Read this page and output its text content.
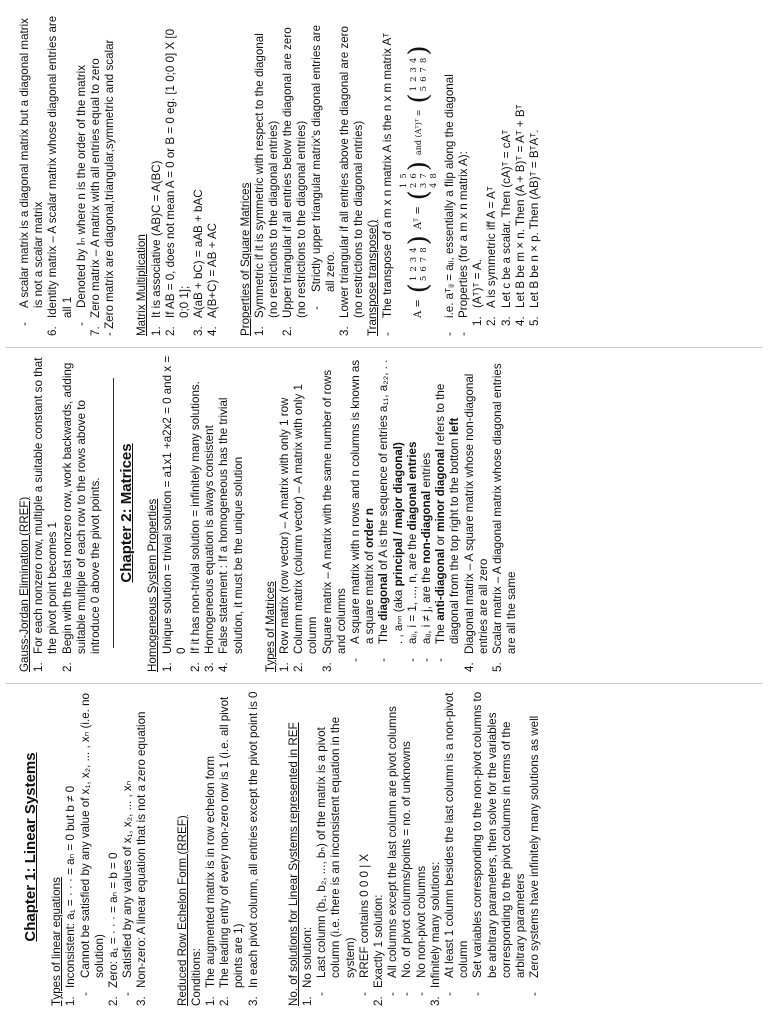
Chapter 1: Linear Systems Types of linear equations 1.
Inconsistent: a₁ = · · · = aₙ = 0 but b ≠ 0
-
Cannot be satisfied by any value of x₁, x₂, ... , xₙ (i.e. no solution)
2.
Zero: a₁ = · · · = aₙ = b = 0
-
Satisfied by any values of x₁, x₂, ... , xₙ
3.
Non-zero: A linear equation that is not a zero equation Reduced Row Echelon Form (RREF) Conditions: 1.
The augmented matrix is in row echelon form
2.
The leading entry of every non-zero row is 1 (i.e. all pivot points are 1)
3.
In each pivot column, all entries except the pivot point is 0 No. of solutions for Linear Systems represented in REF 1.
No solution:
-
Last column (b₁, b₂, ..., bₙ) of the matrix is a pivot column (i.e. there is an inconsistent equation in the system)
-
RREF contains 0 0 0 | X
2.
Exactly 1 solution:
-
All columns except the last column are pivot columns
-
No. of pivot columns/points = no. of unknowns
-
No non-pivot columns
3.
Infinitely many solutions:
-
At least 1 column besides the last column is a non-pivot column
-
Set variables corresponding to the non-pivot columns to be arbitrary parameters, then solve for the variables corresponding to the pivot columns in terms of the arbitrary parameters
-
Zero systems have infinitely many solutions as well
Gauss-Jordan Elimination (RREF) 1.
For each nonzero row, multiple a suitable constant so that the pivot point becomes 1
2.
Begin with the last nonzero row, work backwards, adding suitable multiple of each row to the rows above to introduce 0 above the pivot points. Chapter 2: Matrices Homogeneous System Properties 1.
Unique solution = trivial solution = a1x1 +a2x2 = 0 and x = 0
2.
If it has non-trivial solution = infinitely many solutions.
3.
Homogeneous equation is always consistent
4.
False statement : If a homogeneous has the trivial solution, it must be the unique solution Types of Matrices 1.
Row matrix (row vector) – A matrix with only 1 row
2.
Column matrix (column vector) – A matrix with only 1 column
3.
Square matrix – A matrix with the same number of rows and columns
-
A square matrix with n rows and n columns is known as a square matrix of order n
-
The diagonal of A is the sequence of entries a₁₁, a₂₂, . . . , aₙₙ (aka principal / major diagonal)
-
aᵢᵢ, i = 1, ..., n, are the diagonal entries
-
aᵢⱼ, i ≠ j, are the non-diagonal entries
-
The anti-diagonal or minor diagonal refers to the diagonal from the top right to the bottom left
4.
Diagonal matrix – A square matrix whose non-diagonal entries are all zero
5.
Scalar matrix – A diagonal matrix whose diagonal entries are all the same
-
A scalar matrix is a diagonal matrix but a diagonal matrix is not a scalar matrix
6.
Identity matrix – A scalar matrix whose diagonal entries are all 1
-
Denoted by Iₙ where n is the order of the matrix
7.
Zero matrix – A matrix with all entries equal to zero - Zero matrix are diagonal,triangular,symmetric and scalar Matrix Multiplication 1.
It is associative (AB)C = A(BC)
2.
If AB = 0, does not mean A = 0 or B = 0 eg. [1 0;0 0] X [0 0;0 1];
3.
A(aB + bC) = aAB + bAC
4.
A(B+C) = AB + AC Properties of Square Matrices 1.
Symmetric if it is symmetric with respect to the diagonal (no restrictions to the diagonal entries)
2.
Upper triangular if all entries below the diagonal are zero (no restrictions to the diagonal entries) -
Strictly upper triangular matrix's diagonal entries are all zero.
3.
Lower triangular if all entries above the diagonal are zero (no restrictions to the diagonal entries) Transpose transpose() -
The transpose of a m x n matrix A is the n x m matrix Aᵀ A =
(
1	2	3	4
5	6	7	8
)
Aᵀ =
(
1	5
2	6
3	7
4	8
)
and (Aᵀ)ᵀ =
(
1	2	3	4
5	6	7	8
)
-
i.e. aᵀᵢⱼ = aⱼᵢ, essentially a flip along the diagonal
-
Properties (for a m x n matrix A):
1.
(Aᵀ)ᵀ = A.
2.
A is symmetric iff A = Aᵀ
3.
Let c be a scalar. Then (cA)ᵀ = cAᵀ
4.
Let B be m × n. Then (A + B)ᵀ = Aᵀ + Bᵀ
5.
Let B be n × p. Then (AB)ᵀ = BᵀAᵀ.
